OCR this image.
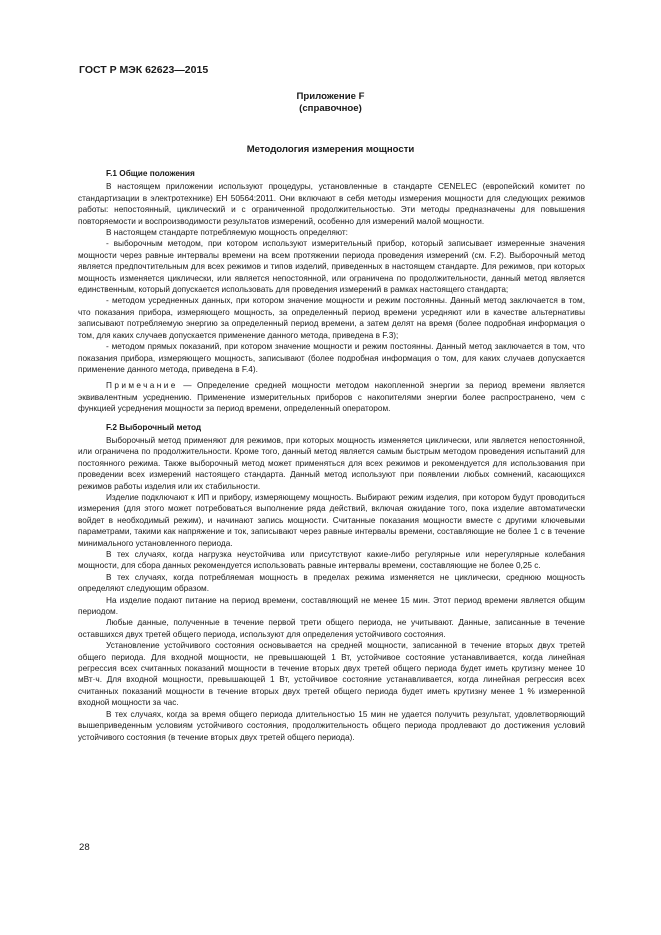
ГОСТ Р МЭК 62623—2015
Приложение F
(справочное)
Методология измерения мощности
F.1 Общие положения

В настоящем приложении используют процедуры, установленные в стандарте CENELEC (европейский комитет по стандартизации в электротехнике) ЕН 50564:2011. Они включают в себя методы измерения мощности для следующих режимов работы: непостоянный, циклический и с ограниченной продолжительностью. Эти методы предназначены для повышения повторяемости и воспроизводимости результатов измерений, особенно для измерений малой мощности.

В настоящем стандарте потребляемую мощность определяют:

- выборочным методом, при котором используют измерительный прибор, который записывает измеренные значения мощности через равные интервалы времени на всем протяжении периода проведения измерений (см. F.2). Выборочный метод является предпочтительным для всех режимов и типов изделий, приведенных в настоящем стандарте. Для режимов, при которых мощность изменяется циклически, или является непостоянной, или ограничена по продолжительности, данный метод является единственным, который допускается использовать для проведения измерений в рамках настоящего стандарта;

- методом усредненных данных, при котором значение мощности и режим постоянны. Данный метод заключается в том, что показания прибора, измеряющего мощность, за определенный период времени усредняют или в качестве альтернативы записывают потребляемую энергию за определенный период времени, а затем делят на время (более подробная информация о том, для каких случаев допускается применение данного метода, приведена в F.3);

- методом прямых показаний, при котором значение мощности и режим постоянны. Данный метод заключается в том, что показания прибора, измеряющего мощность, записывают (более подробная информация о том, для каких случаев допускается применение данного метода, приведена в F.4).

Примечание — Определение средней мощности методом накопленной энергии за период времени является эквивалентным усреднению. Применение измерительных приборов с накопителями энергии более распространено, чем с функцией усреднения мощности за период времени, определенный оператором.

F.2 Выборочный метод

Выборочный метод применяют для режимов, при которых мощность изменяется циклически, или является непостоянной, или ограничена по продолжительности. Кроме того, данный метод является самым быстрым методом проведения испытаний для постоянного режима. Также выборочный метод может применяться для всех режимов и рекомендуется для использования при проведении всех измерений настоящего стандарта. Данный метод используют при появлении любых сомнений, касающихся режимов работы изделия или их стабильности.

Изделие подключают к ИП и прибору, измеряющему мощность. Выбирают режим изделия, при котором будут проводиться измерения (для этого может потребоваться выполнение ряда действий, включая ожидание того, пока изделие автоматически войдет в необходимый режим), и начинают запись мощности. Считанные показания мощности вместе с другими ключевыми параметрами, такими как напряжение и ток, записывают через равные интервалы времени, составляющие не более 1 с в течение минимального установленного периода.

В тех случаях, когда нагрузка неустойчива или присутствуют какие-либо регулярные или нерегулярные колебания мощности, для сбора данных рекомендуется использовать равные интервалы времени, составляющие не более 0,25 с.

В тех случаях, когда потребляемая мощность в пределах режима изменяется не циклически, среднюю мощность определяют следующим образом.

На изделие подают питание на период времени, составляющий не менее 15 мин. Этот период времени является общим периодом.

Любые данные, полученные в течение первой трети общего периода, не учитывают. Данные, записанные в течение оставшихся двух третей общего периода, используют для определения устойчивого состояния.

Установление устойчивого состояния основывается на средней мощности, записанной в течение вторых двух третей общего периода. Для входной мощности, не превышающей 1 Вт, устойчивое состояние устанавливается, когда линейная регрессия всех считанных показаний мощности в течение вторых двух третей общего периода будет иметь крутизну менее 10 мВт·ч. Для входной мощности, превышающей 1 Вт, устойчивое состояние устанавливается, когда линейная регрессия всех считанных показаний мощности в течение вторых двух третей общего периода будет иметь крутизну менее 1 % измеренной входной мощности за час.

В тех случаях, когда за время общего периода длительностью 15 мин не удается получить результат, удовлетворяющий вышеприведенным условиям устойчивого состояния, продолжительность общего периода продлевают до достижения условий устойчивого состояния (в течение вторых двух третей общего периода).

28
